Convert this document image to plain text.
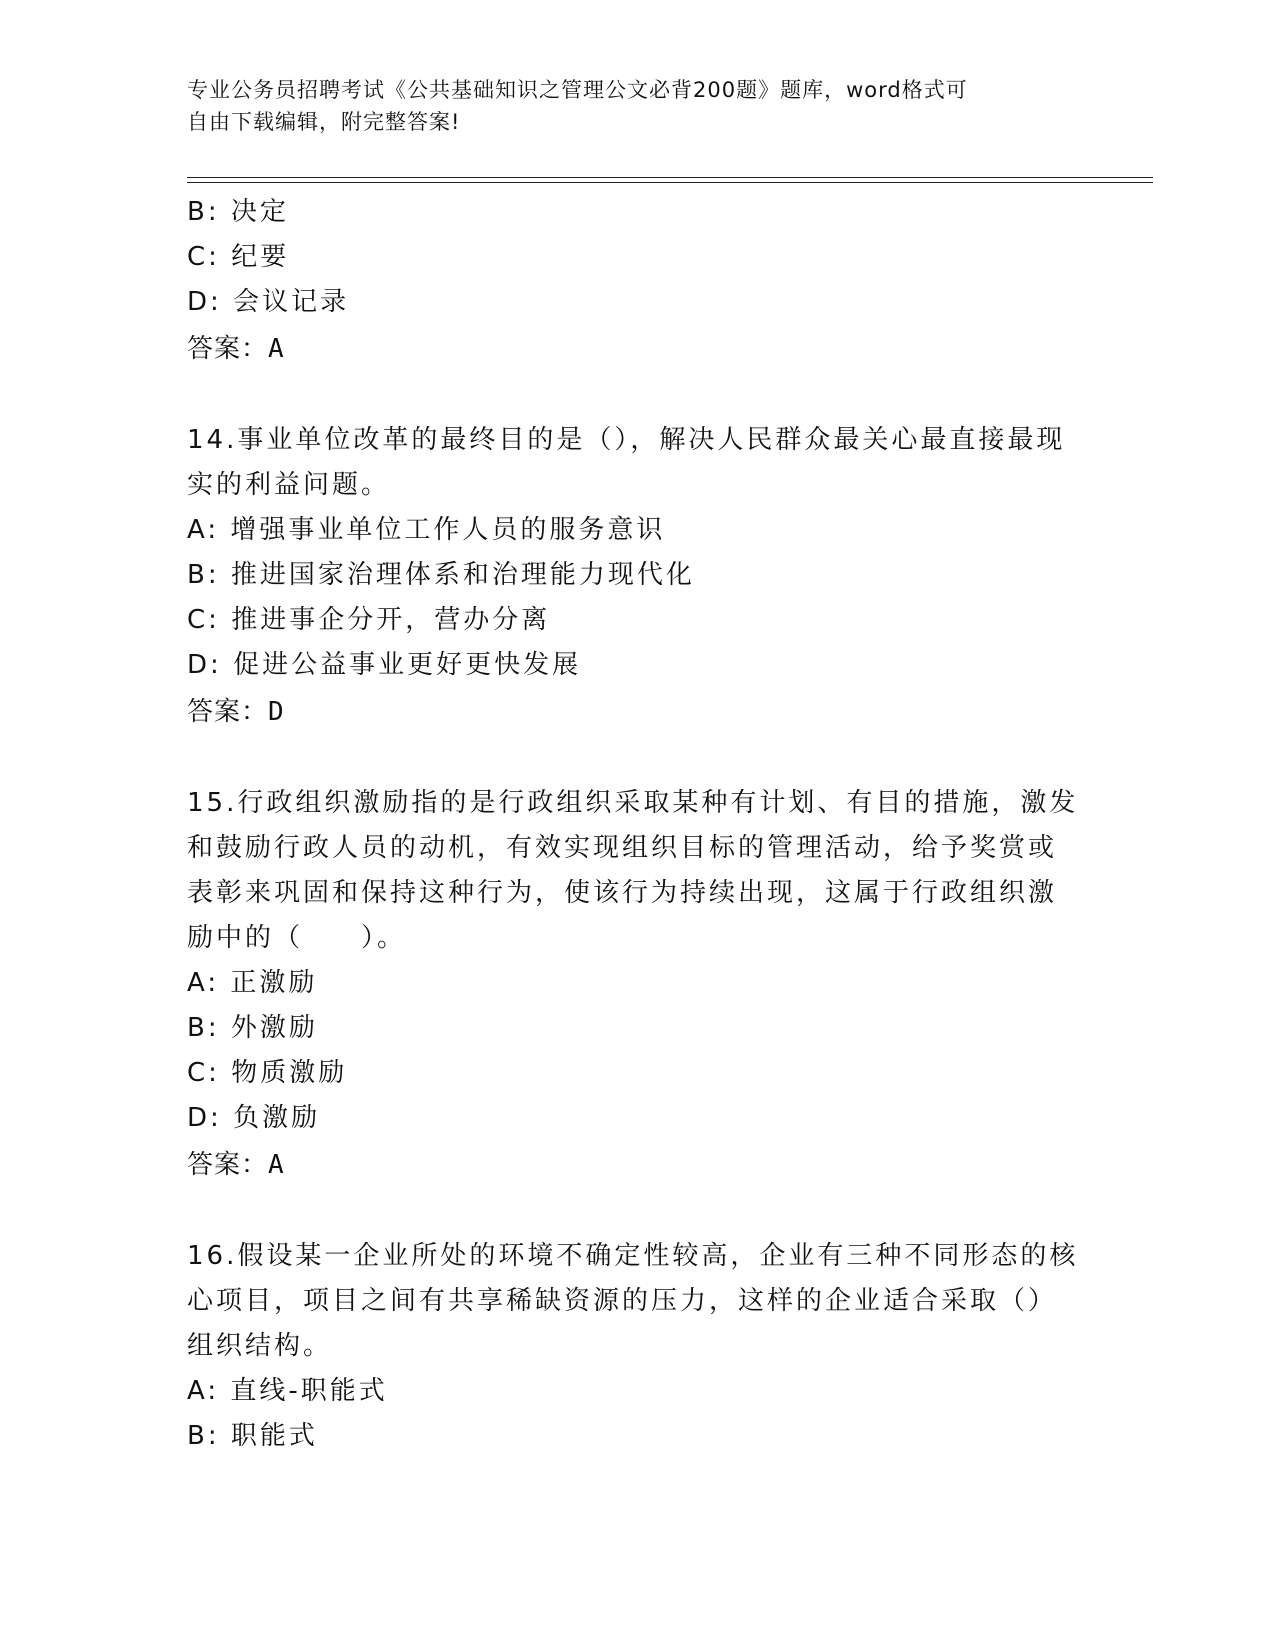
专业公务员招聘考试《公共基础知识之管理公文必背200题》题库，word格式可
自由下载编辑，附完整答案!
B: 决定
C: 纪要
D: 会议记录
答案：A
14.事业单位改革的最终目的是（），解决人民群众最关心最直接最现
实的利益问题。
A: 增强事业单位工作人员的服务意识
B: 推进国家治理体系和治理能力现代化
C: 推进事企分开，营办分离
D: 促进公益事业更好更快发展
答案：D
15.行政组织激励指的是行政组织采取某种有计划、有目的措施，激发
和鼓励行政人员的动机，有效实现组织目标的管理活动，给予奖赏或
表彰来巩固和保持这种行为，使该行为持续出现，这属于行政组织激
励中的（　　）。
A: 正激励
B: 外激励
C: 物质激励
D: 负激励
答案：A
16.假设某一企业所处的环境不确定性较高，企业有三种不同形态的核
心项目，项目之间有共享稀缺资源的压力，这样的企业适合采取（）
组织结构。
A: 直线-职能式
B: 职能式
